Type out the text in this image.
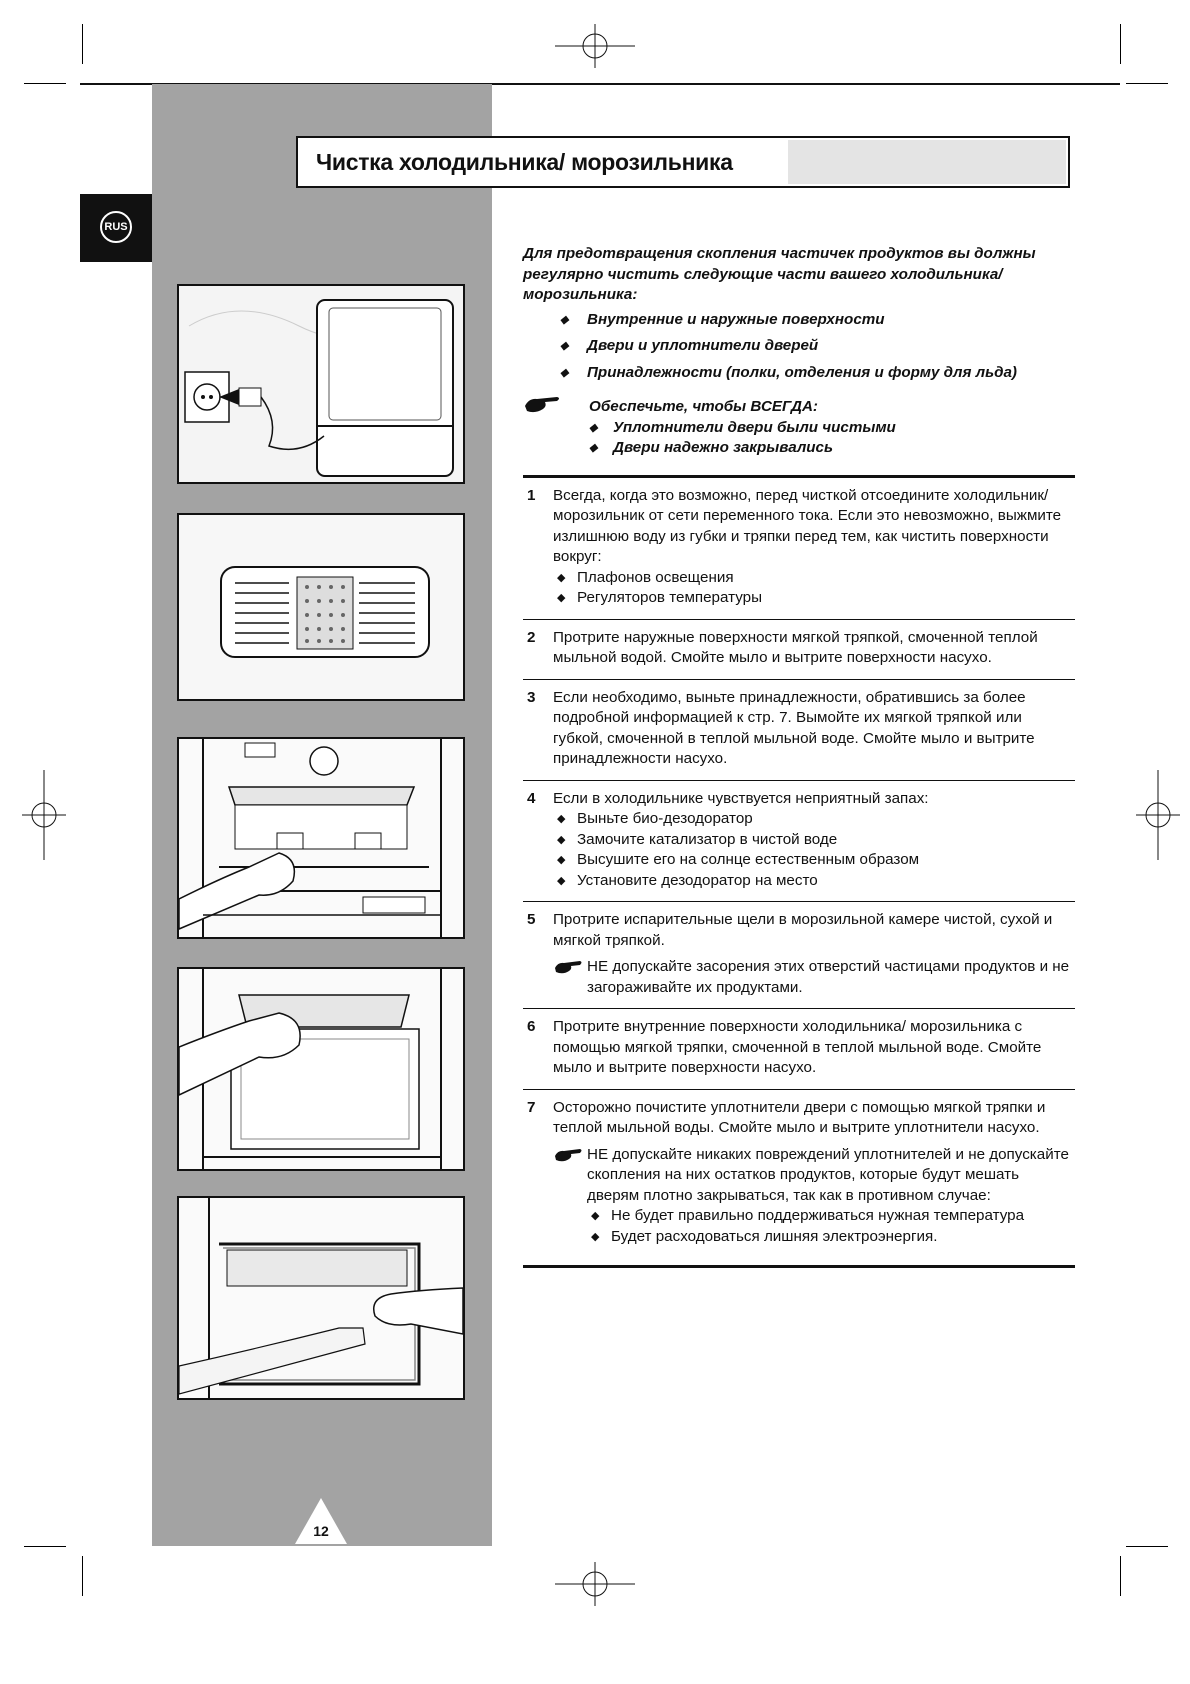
RUS
Чистка холодильника/ морозильника
Для предотвращения скопления частичек продуктов вы должны регулярно чистить следующие части вашего холодильника/ морозильника:
◆ Внутренние и наружные поверхности
◆ Двери и уплотнители дверей
◆ Принадлежности (полки, отделения и форму для льда)
Обеспечьте, чтобы ВСЕГДА:
◆ Уплотнители двери были чистыми
◆ Двери надежно закрывались
1 Всегда, когда это возможно, перед чисткой отсоедините холодильник/ морозильник от сети переменного тока. Если это невозможно, выжмите излишнюю воду из губки и тряпки перед тем, как чистить поверхности вокруг:
◆ Плафонов освещения
◆ Регуляторов температуры
2 Протрите наружные поверхности мягкой тряпкой, смоченной теплой мыльной водой. Смойте мыло и вытрите поверхности насухо.
3 Если необходимо, выньте принадлежности, обратившись за более подробной информацией к стр. 7. Вымойте их мягкой тряпкой или губкой, смоченной в теплой мыльной воде. Смойте мыло и вытрите принадлежности насухо.
4 Если в холодильнике чувствуется неприятный запах:
◆ Выньте био-дезодоратор
◆ Замочите катализатор в чистой воде
◆ Высушите его на солнце естественным образом
◆ Установите дезодоратор на место
5 Протрите испарительные щели в морозильной камере чистой, сухой и мягкой тряпкой.
НЕ допускайте засорения этих отверстий частицами продуктов и не загораживайте их продуктами.
6 Протрите внутренние поверхности холодильника/ морозильника с помощью мягкой тряпки, смоченной в теплой мыльной воде. Смойте мыло и вытрите поверхности насухо.
7 Осторожно почистите уплотнители двери с помощью мягкой тряпки и теплой мыльной воды. Смойте мыло и вытрите уплотнители насухо.
НЕ допускайте никаких повреждений уплотнителей и не допускайте скопления на них остатков продуктов, которые будут мешать дверям плотно закрываться, так как в противном случае:
◆ Не будет правильно поддерживаться нужная температура
◆ Будет расходоваться лишняя электроэнергия.
12
